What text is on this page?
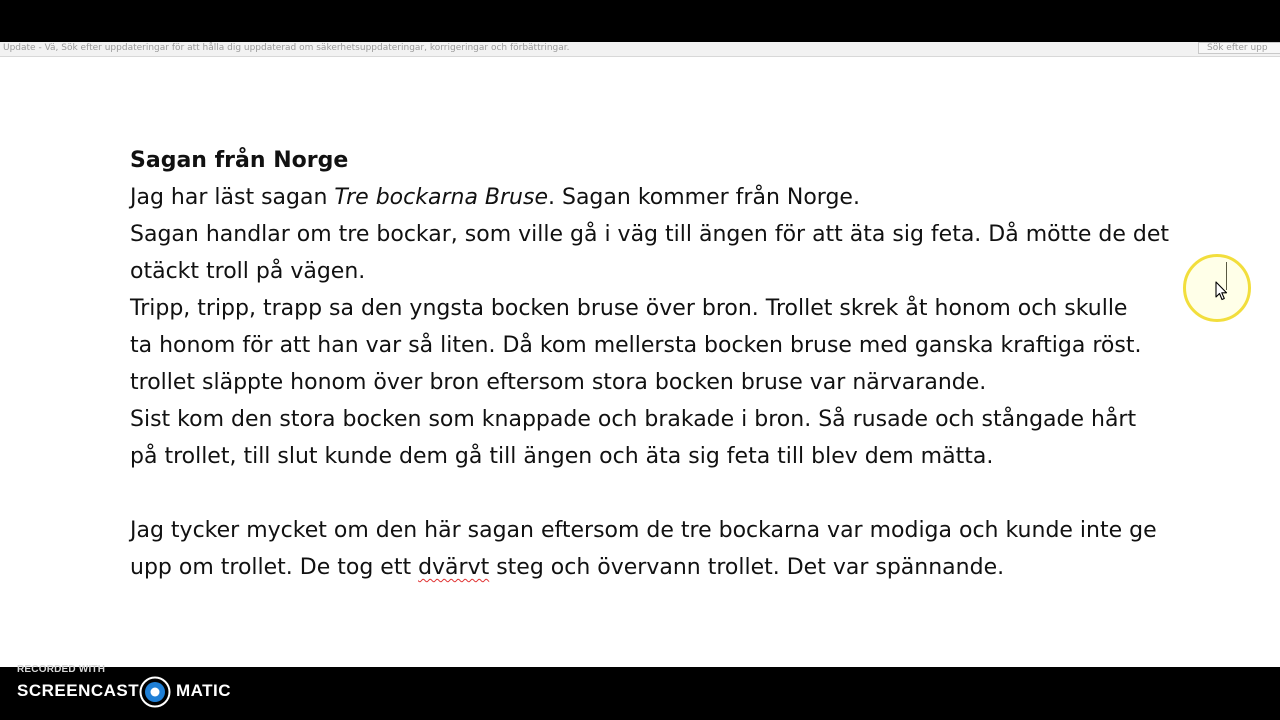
Update - Vä, Sök efter uppdateringar för att hålla dig uppdaterad om säkerhetsuppdateringar, korrigeringar och förbättringar.	Sök efter upp
Sagan från Norge
Jag har läst sagan Tre bockarna Bruse. Sagan kommer från Norge.
Sagan handlar om tre bockar, som ville gå i väg till ängen för att äta sig feta. Då mötte de det
otäckt troll på vägen.
Tripp, tripp, trapp sa den yngsta bocken bruse över bron. Trollet skrek åt honom och skulle
ta honom för att han var så liten. Då kom mellersta bocken bruse med ganska kraftiga röst.
trollet släppte honom över bron eftersom stora bocken bruse var närvarande.
Sist kom den stora bocken som knappade och brakade i bron. Så rusade och stångade hårt
på trollet, till slut kunde dem gå till ängen och äta sig feta till blev dem mätta.
Jag tycker mycket om den här sagan eftersom de tre bockarna var modiga och kunde inte ge
upp om trollet. De tog ett dvärvt steg och övervann trollet. Det var spännande.
RECORDED WITH
SCREENCAST MATIC
